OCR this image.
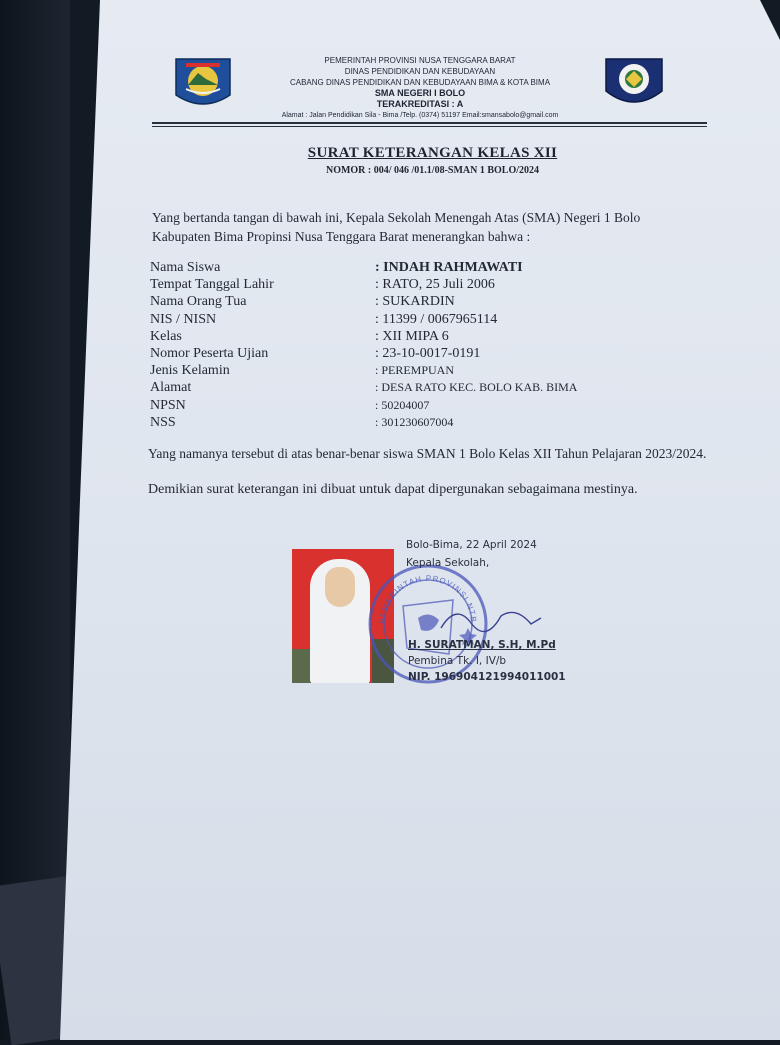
PEMERINTAH PROVINSI NUSA TENGGARA BARAT
DINAS PENDIDIKAN DAN KEBUDAYAAN
CABANG DINAS PENDIDIKAN DAN KEBUDAYAAN BIMA & KOTA BIMA
SMA NEGERI I BOLO
TERAKREDITASI : A
Alamat : Jalan Pendidikan Sila - Bima /Telp. (0374) 51197 Email:smansabolo@gmail.com
SURAT KETERANGAN KELAS XII
NOMOR : 004/ 046 /01.1/08-SMAN 1 BOLO/2024
Yang bertanda tangan di bawah ini, Kepala Sekolah Menengah Atas (SMA) Negeri 1 Bolo
Kabupaten Bima Propinsi Nusa Tenggara Barat menerangkan bahwa :
Nama Siswa	: INDAH RAHMAWATI
Tempat Tanggal Lahir	: RATO, 25 Juli 2006
Nama Orang Tua	: SUKARDIN
NIS / NISN	: 11399 / 0067965114
Kelas	: XII MIPA 6
Nomor Peserta Ujian	: 23-10-0017-0191
Jenis Kelamin	: PEREMPUAN
Alamat	: DESA RATO KEC. BOLO KAB. BIMA
NPSN	: 50204007
NSS	: 301230607004
Yang namanya tersebut di atas benar-benar siswa SMAN 1 Bolo Kelas XII Tahun Pelajaran 2023/2024.
Demikian surat keterangan ini dibuat untuk dapat dipergunakan sebagaimana mestinya.
PEMERINTAH PROVINSI NTB
Bolo-Bima, 22 April 2024
Kepala Sekolah,
H. SURATMAN, S.H, M.Pd
Pembina Tk. I, IV/b
NIP. 196904121994011001
